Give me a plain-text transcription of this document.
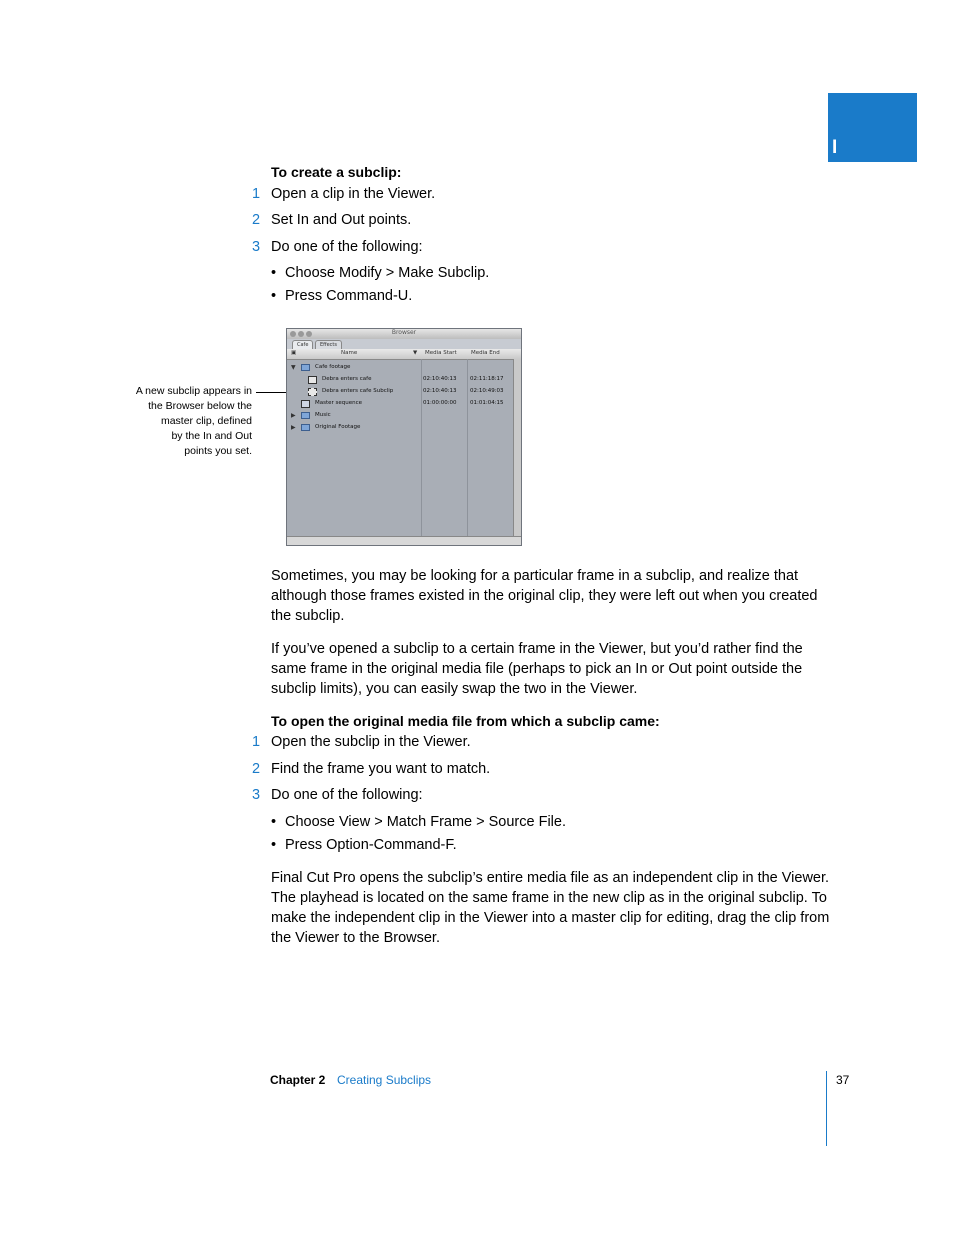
I
To create a subclip:
1 Open a clip in the Viewer.
2 Set In and Out points.
3 Do one of the following:
• Choose Modify > Make Subclip.
• Press Command-U.
A new subclip appears in
the Browser below the
master clip, defined
by the In and Out
points you set.
Browser
Cafe	Effects
▣	Name	▼ Media Start	Media End
▼	Cafe footage
Debra enters cafe	02:10:40:13 02:11:18:17
Debra enters cafe Subclip	02:10:40:13 02:10:49:03
Master sequence	01:00:00:00 01:01:04:15
▶	Music
▶	Original Footage
Sometimes, you may be looking for a particular frame in a subclip, and realize that although those frames existed in the original clip, they were left out when you created the subclip.
If you’ve opened a subclip to a certain frame in the Viewer, but you’d rather find the same frame in the original media file (perhaps to pick an In or Out point outside the subclip limits), you can easily swap the two in the Viewer.
To open the original media file from which a subclip came:
1 Open the subclip in the Viewer.
2 Find the frame you want to match.
3 Do one of the following:
• Choose View > Match Frame > Source File.
• Press Option-Command-F.
Final Cut Pro opens the subclip’s entire media file as an independent clip in the Viewer. The playhead is located on the same frame in the new clip as in the original subclip. To make the independent clip in the Viewer into a master clip for editing, drag the clip from the Viewer to the Browser.
Chapter 2 Creating Subclips	37
